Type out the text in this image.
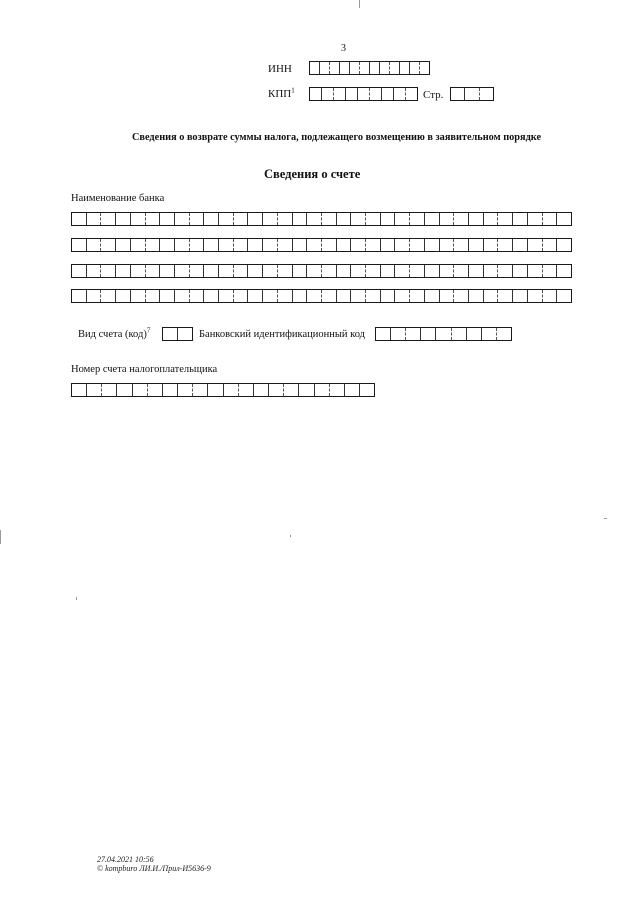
3
ИНН
КПП$^1$	Стр.
Сведения о возврате суммы налога, подлежащего возмещению в заявительном порядке
Сведения о счете
Наименование банка
Вид счета (код)$^7$	Банковский идентификационный код
Номер счета налогоплательщика
27.04.2021 10:56
© kompburo ЛИ.И./Прил-И5636-9
